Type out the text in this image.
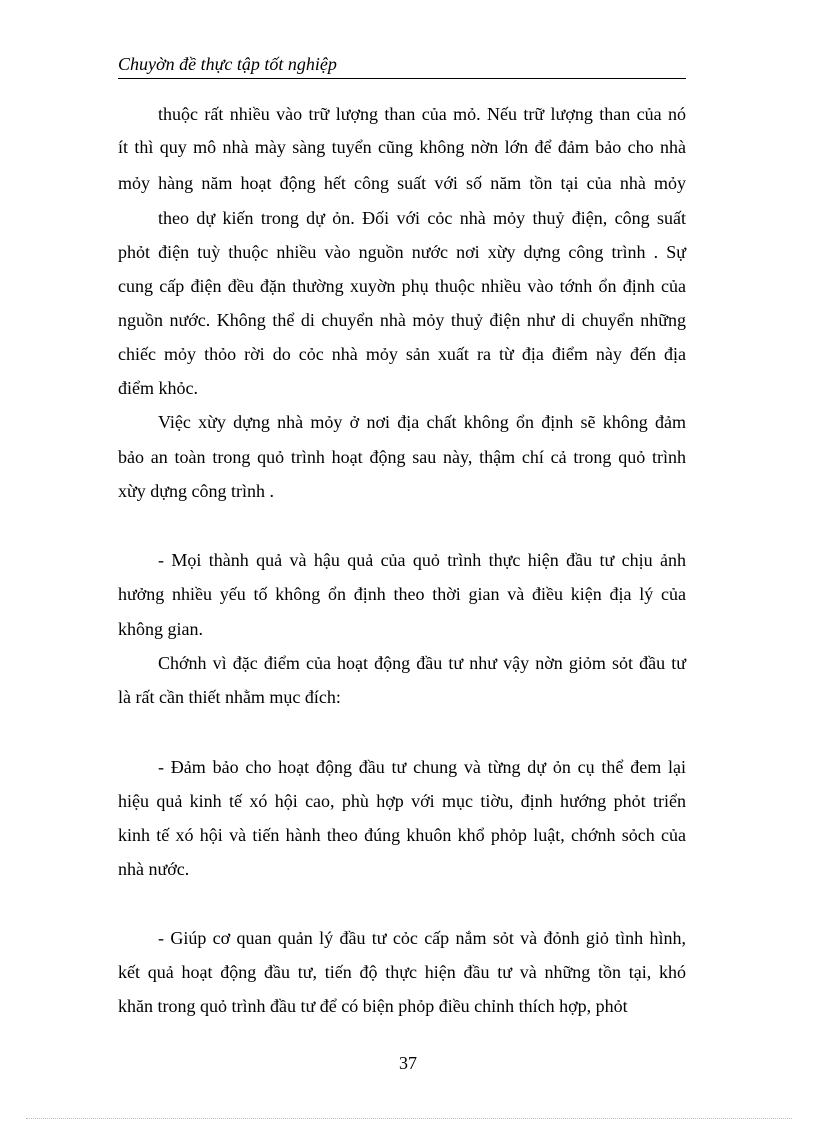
Chuyờn đề thực tập tốt nghiệp
thuộc rất nhiều vào trữ lượng than của mỏ. Nếu trữ lượng than của nó
ít thì quy mô nhà mày sàng tuyển cũng không nờn lớn để đảm bảo cho nhà
mỏy hàng năm hoạt động hết công suất với số năm tồn tại của nhà mỏy
theo dự kiến trong dự ỏn. Đối với cỏc nhà mỏy thuỷ điện, công suất
phỏt điện tuỳ thuộc nhiều vào nguồn nước nơi xừy dựng công trình . Sự
cung cấp điện đều đặn thường xuyờn phụ thuộc nhiều vào tớnh ổn định của
nguồn nước. Không thể di chuyển nhà mỏy thuỷ điện như di chuyển những
chiếc mỏy thỏo rời do cỏc nhà mỏy sản xuất ra từ địa điểm này đến địa
điểm khỏc.
Việc xừy dựng nhà mỏy ở nơi địa chất không ổn định sẽ không đảm
bảo an toàn trong quỏ trình hoạt động sau này, thậm chí cả trong quỏ trình
xừy dựng công trình .
- Mọi thành quả và hậu quả của quỏ trình thực hiện đầu tư chịu ảnh
hưởng nhiều yếu tố không ổn định theo thời gian và điều kiện địa lý của
không gian.
Chớnh vì đặc điểm của hoạt động đầu tư như vậy nờn giỏm sỏt đầu tư
là rất cần thiết nhằm mục đích:
- Đảm bảo cho hoạt động đầu tư chung và từng dự ỏn cụ thể đem lại
hiệu quả kinh tế xó hội cao, phù hợp với mục tiờu, định hướng phỏt triển
kinh tế xó hội và tiến hành theo đúng khuôn khổ phỏp luật, chớnh sỏch của
nhà nước.
- Giúp cơ quan quản lý đầu tư cỏc cấp nắm sỏt và đỏnh giỏ tình hình,
kết quả hoạt động đầu tư, tiến độ thực hiện đầu tư và những tồn tại, khó
khăn trong quỏ trình đầu tư để có biện phỏp điều chỉnh thích hợp, phỏt
37
